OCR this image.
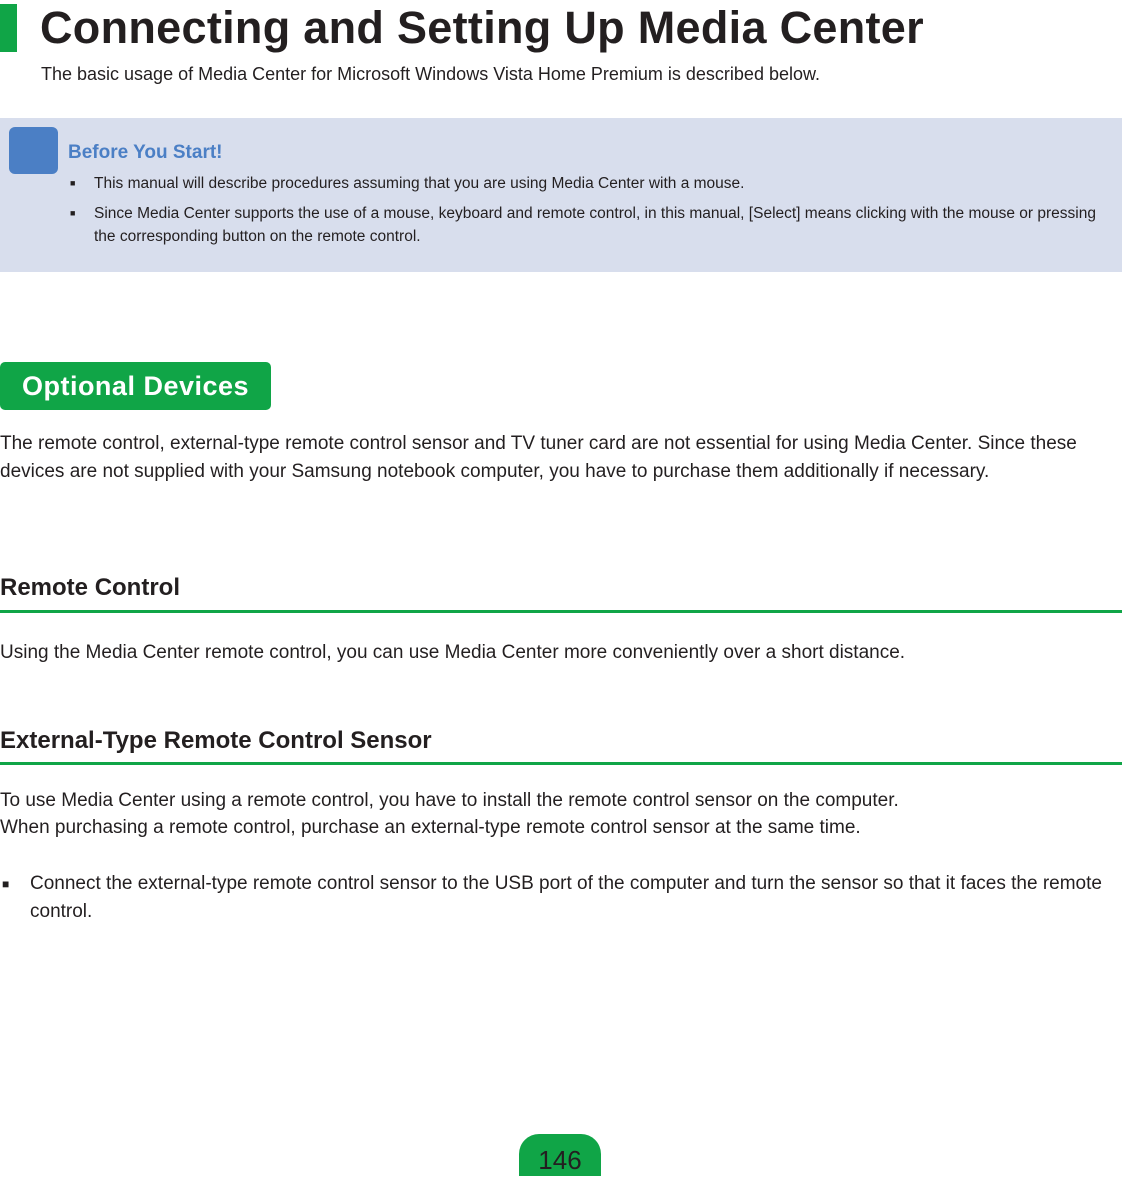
Connecting and Setting Up Media Center

The basic usage of Media Center for Microsoft Windows Vista Home Premium is described below.

Before You Start!
■	This manual will describe procedures assuming that you are using Media Center with a mouse.
■	Since Media Center supports the use of a mouse, keyboard and remote control, in this manual, [Select] means clicking with the mouse or pressing the corresponding button on the remote control.
Optional Devices

The remote control, external-type remote control sensor and TV tuner card are not essential for using Media Center. Since these devices are not supplied with your Samsung notebook computer, you have to purchase them additionally if necessary.

Remote Control

Using the Media Center remote control, you can use Media Center more conveniently over a short distance.

External-Type Remote Control Sensor

To use Media Center using a remote control, you have to install the remote control sensor on the computer.

When purchasing a remote control, purchase an external-type remote control sensor at the same time.

■ Connect the external-type remote control sensor to the USB port of the computer and turn the sensor so that it faces the remote control.
146
